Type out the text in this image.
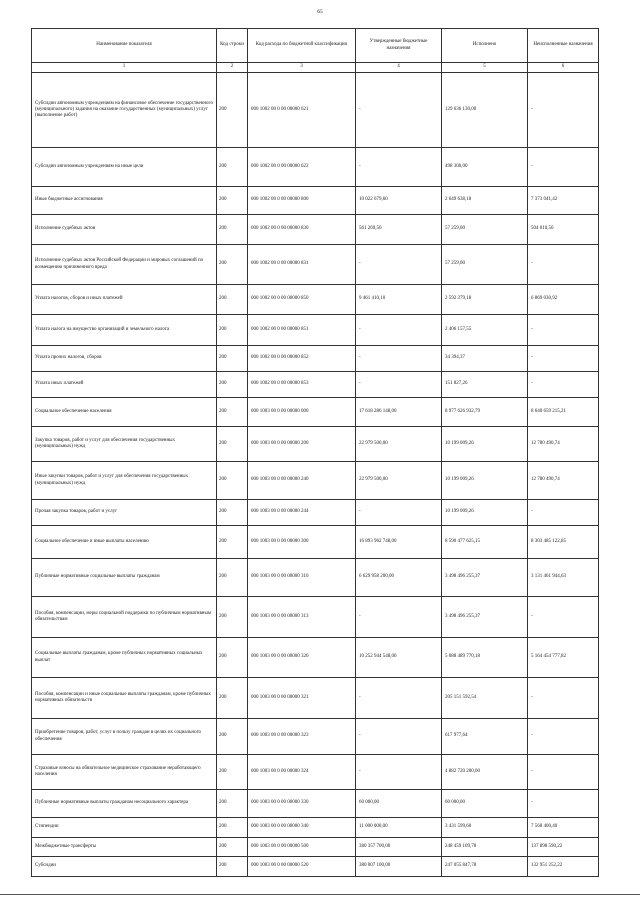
65
Наименование показателя	Код строки	Код расхода по бюджетной классификации	Утвержденные бюджетные назначения	Исполнено	Неисполненные назначения
1	2	3	4	5	6
Субсидии автономным учреждениям на финансовое обеспечение государственного (муниципального) задания на оказание государственных (муниципальных) услуг (выполнение работ)	200	000 1002 00 0 00 00000 621	-	129 636 130,00	-
Субсидии автономным учреждениям на иные цели	200	000 1002 00 0 00 00000 622	-	498 300,00	-
Иные бюджетные ассигнования	200	000 1002 00 0 00 00000 800	10 022 679,60	2 649 638,18	7 373 041,42
Исполнение судебных актов	200	000 1002 00 0 00 00000 830	561 269,50	57 259,00	504 010,50
Исполнение судебных актов Российской Федерации и мировых соглашений по возмещению причиненного вреда	200	000 1002 00 0 00 00000 831	-	57 259,00	-
Уплата налогов, сборов и иных платежей	200	000 1002 00 0 00 00000 850	9 461 410,10	2 592 379,18	6 869 030,92
Уплата налога на имущество организаций и земельного налога	200	000 1002 00 0 00 00000 851	-	2 406 157,55	-
Уплата прочих налогов, сборов	200	000 1002 00 0 00 00000 852	-	34 394,37	-
Уплата иных платежей	200	000 1002 00 0 00 00000 853	-	151 827,26	-
Социальное обеспечение населения	200	000 1003 00 0 00 00000 000	17 618 286 148,00	8 977 626 932,79	8 640 659 215,21
Закупка товаров, работ и услуг для обеспечения государственных (муниципальных) нужд	200	000 1003 00 0 00 00000 200	22 979 500,00	10 199 009,26	12 780 490,74
Иные закупки товаров, работ и услуг для обеспечения государственных (муниципальных) нужд	200	000 1003 00 0 00 00000 240	22 979 500,00	10 199 009,26	12 780 490,74
Прочая закупка товаров, работ и услуг	200	000 1003 00 0 00 00000 244	-	10 199 009,26	-
Социальное обеспечение и иные выплаты населению	200	000 1003 00 0 00 00000 300	16 893 962 748,00	8 590 477 625,15	8 303 485 122,85
Публичные нормативные социальные выплаты гражданам	200	000 1003 00 0 00 00000 310	6 629 958 200,00	3 498 496 255,37	3 131 461 944,63
Пособия, компенсации, меры социальной поддержки по публичным нормативным обязательствам	200	000 1003 00 0 00 00000 313	-	3 498 496 255,37	-
Социальные выплаты гражданам, кроме публичных нормативных социальных выплат	200	000 1003 00 0 00 00000 320	10 252 944 548,00	5 088 489 770,18	5 164 454 777,82
Пособия, компенсации и иные социальные выплаты гражданам, кроме публичных нормативных обязательств	200	000 1003 00 0 00 00000 321	-	205 151 592,54	-
Приобретение товаров, работ, услуг в пользу граждан в целях их социального обеспечения	200	000 1003 00 0 00 00000 323	-	617 977,64	-
Страховые взносы на обязательное медицинское страхование неработающего населения	200	000 1003 00 0 00 00000 324	-	4 882 720 200,00	-
Публичные нормативные выплаты гражданам несоциального характера	200	000 1003 00 0 00 00000 330	60 000,00	60 000,00	-
Стипендии	200	000 1003 00 0 00 00000 340	11 000 000,00	3 431 599,60	7 568 400,40
Межбюджетные трансферты	200	000 1003 00 0 00 00000 500	380 357 700,00	248 459 109,78	137 898 590,22
Субсидии	200	000 1003 00 0 00 00000 520	380 007 100,00	247 055 847,78	132 951 252,22
